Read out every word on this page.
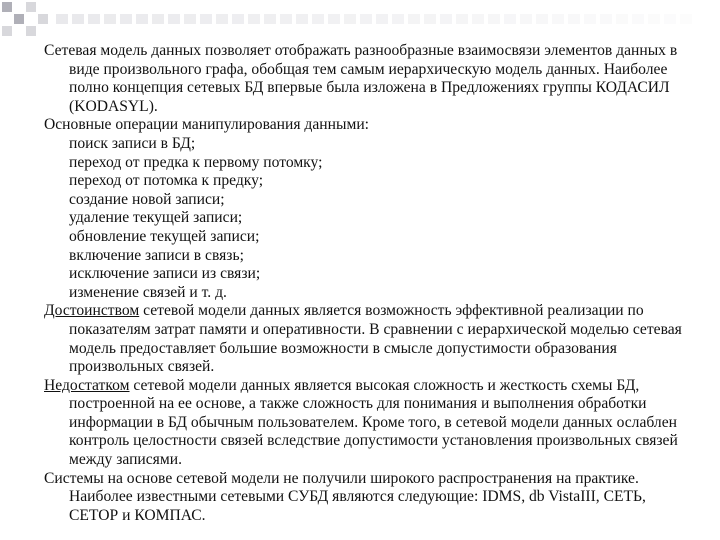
Сетевая модель данных позволяет отображать разнообразные взаимосвязи элементов данных в виде произвольного графа, обобщая тем самым иерархическую модель данных. Наиболее полно концепция сетевых БД впервые была изложена в Предложениях группы КОДАСИЛ (KODASYL).

Основные операции манипулирования данными:

поиск записи в БД;
переход от предка к первому потомку;
переход от потомка к предку;
создание новой записи;
удаление текущей записи;
обновление текущей записи;
включение записи в связь;
исключение записи из связи;
изменение связей и т. д.

Достоинством сетевой модели данных является возможность эффективной реализации по показателям затрат памяти и оперативности. В сравнении с иерархической моделью сетевая модель предоставляет большие возможности в смысле допустимости образования произвольных связей.

Недостатком сетевой модели данных является высокая сложность и жесткость схемы БД, построенной на ее основе, а также сложность для понимания и выполнения обработки информации в БД обычным пользователем. Кроме того, в сетевой модели данных ослаблен контроль целостности связей вследствие допустимости установления произвольных связей между записями.

Системы на основе сетевой модели не получили широкого распространения на практике. Наиболее известными сетевыми СУБД являются следующие: IDMS, db VistaIII, СЕТЬ, СЕТОР и КОМПАС.
